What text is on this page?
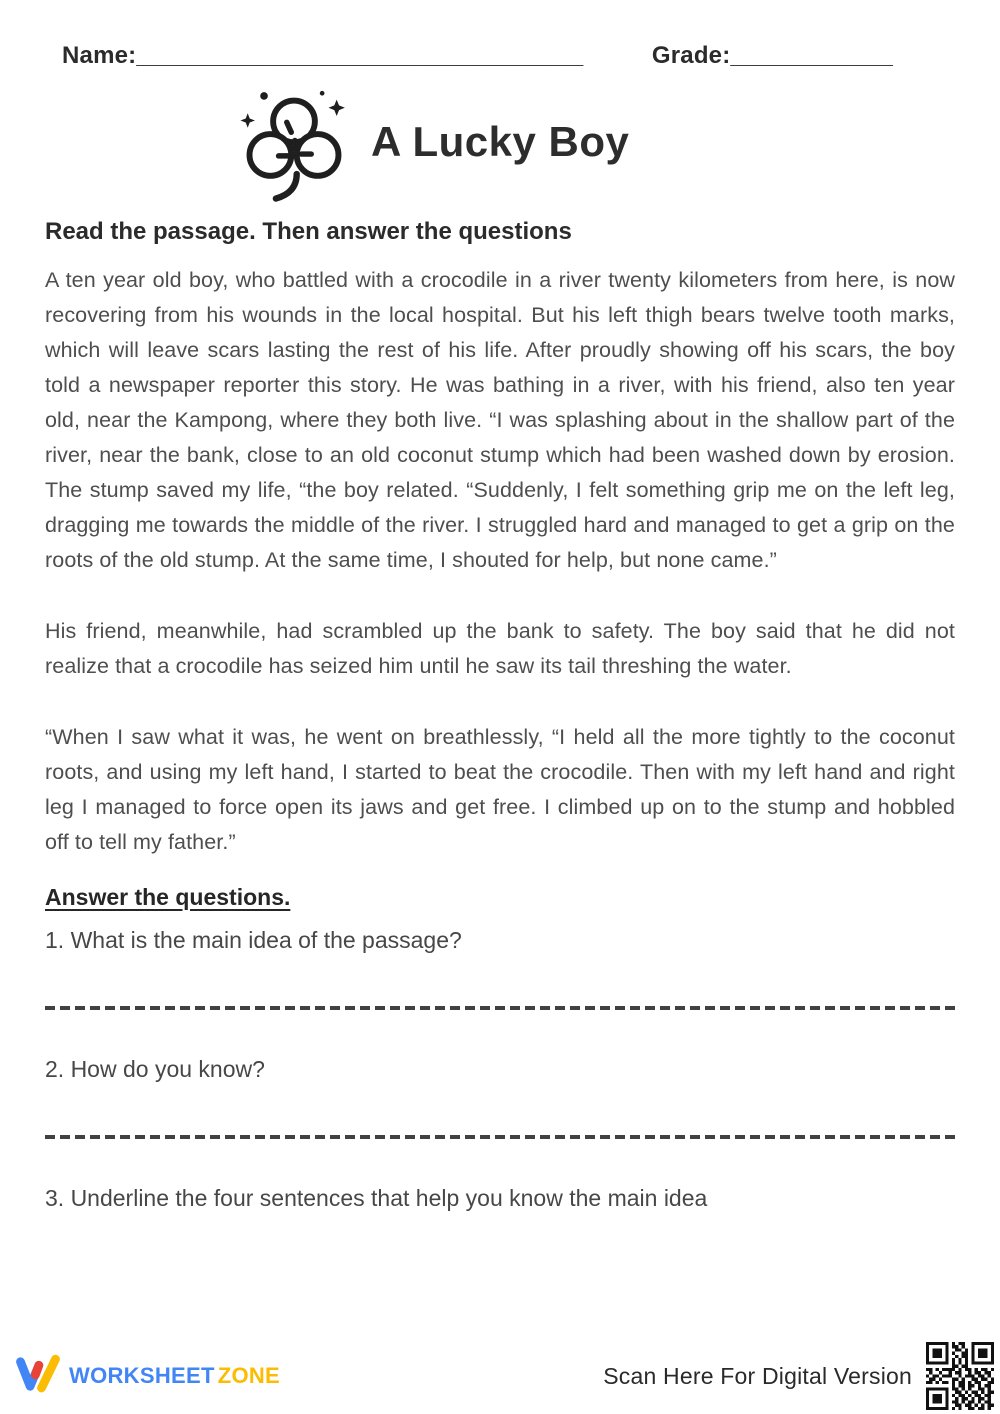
Name:_________________________________	Grade:____________
A Lucky Boy
Read the passage. Then answer the questions

A ten year old boy, who battled with a crocodile in a river twenty kilometers from here, is now recovering from his wounds in the local hospital. But his left thigh bears twelve tooth marks, which will leave scars lasting the rest of his life. After proudly showing off his scars, the boy told a newspaper reporter this story. He was bathing in a river, with his friend, also ten year old, near the Kampong, where they both live. “I was splashing about in the shallow part of the river, near the bank, close to an old coconut stump which had been washed down by erosion. The stump saved my life, “the boy related. “Suddenly, I felt something grip me on the left leg, dragging me towards the middle of the river. I struggled hard and managed to get a grip on the roots of the old stump. At the same time, I shouted for help, but none came.”

His friend, meanwhile, had scrambled up the bank to safety. The boy said that he did not realize that a crocodile has seized him until he saw its tail threshing the water.

“When I saw what it was, he went on breathlessly, “I held all the more tightly to the coconut roots, and using my left hand, I started to beat the crocodile. Then with my left hand and right leg I managed to force open its jaws and get free. I climbed up on to the stump and hobbled off to tell my father.”

Answer the questions.
1. What is the main idea of the passage?
2. How do you know?
3. Underline the four sentences that help you know the main idea
WORKSHEET ZONE	Scan Here For Digital Version
